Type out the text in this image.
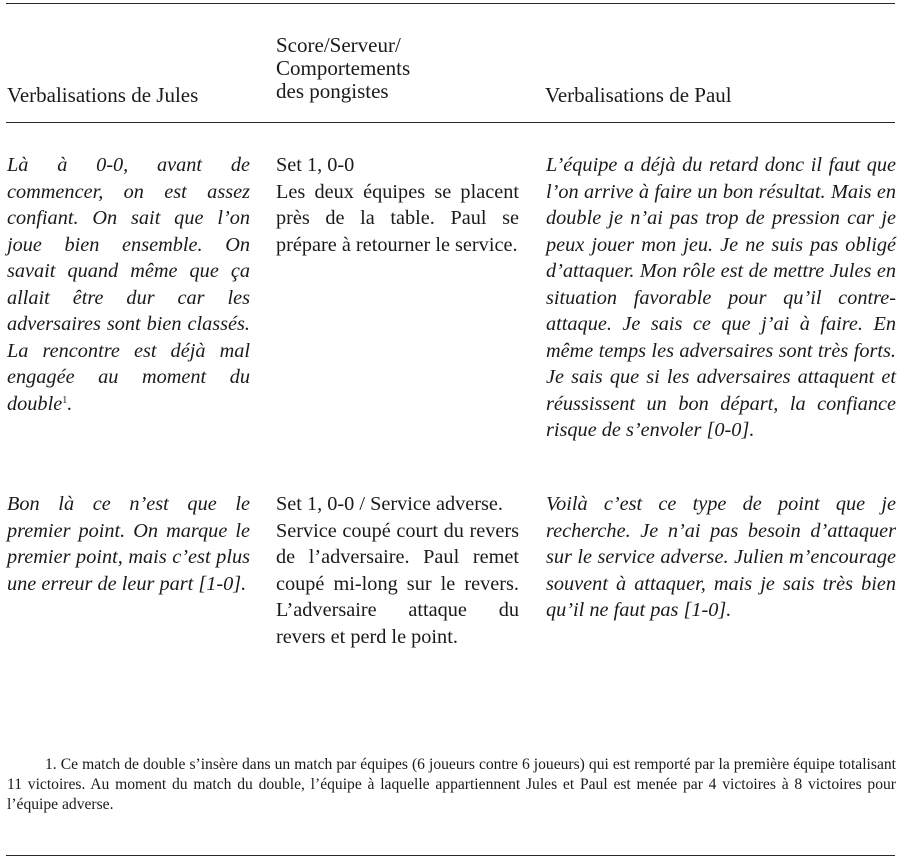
Verbalisations de Jules
Score/Serveur/
Comportements
des pongistes	Verbalisations de Paul
Là à 0-0, avant de commencer, on est assez confiant. On sait que l’on joue bien ensemble. On savait quand même que ça allait être dur car les adversaires sont bien classés. La rencontre est déjà mal engagée au moment du double$^1$.

Set 1, 0-0

Les deux équipes se placent près de la table. Paul se prépare à retourner le service.

L’équipe a déjà du retard donc il faut que l’on arrive à faire un bon résultat. Mais en double je n’ai pas trop de pression car je peux jouer mon jeu. Je ne suis pas obligé d’attaquer. Mon rôle est de mettre Jules en situation favorable pour qu’il contre-attaque. Je sais ce que j’ai à faire. En même temps les adversaires sont très forts. Je sais que si les adversaires attaquent et réussissent un bon départ, la confiance risque de s’envoler [0-0].
Bon là ce n’est que le premier point. On marque le premier point, mais c’est plus une erreur de leur part [1-0].

Set 1, 0-0 / Service adverse.

Service coupé court du revers de l’adversaire. Paul remet coupé mi-long sur le revers. L’adversaire attaque du revers et perd le point.

Voilà c’est ce type de point que je recherche. Je n’ai pas besoin d’attaquer sur le service adverse. Julien m’encourage souvent à attaquer, mais je sais très bien qu’il ne faut pas [1-0].
1. Ce match de double s’insère dans un match par équipes (6 joueurs contre 6 joueurs) qui est remporté par la première équipe totalisant 11 victoires. Au moment du match du double, l’équipe à laquelle appartiennent Jules et Paul est menée par 4 victoires à 8 victoires pour l’équipe adverse.
